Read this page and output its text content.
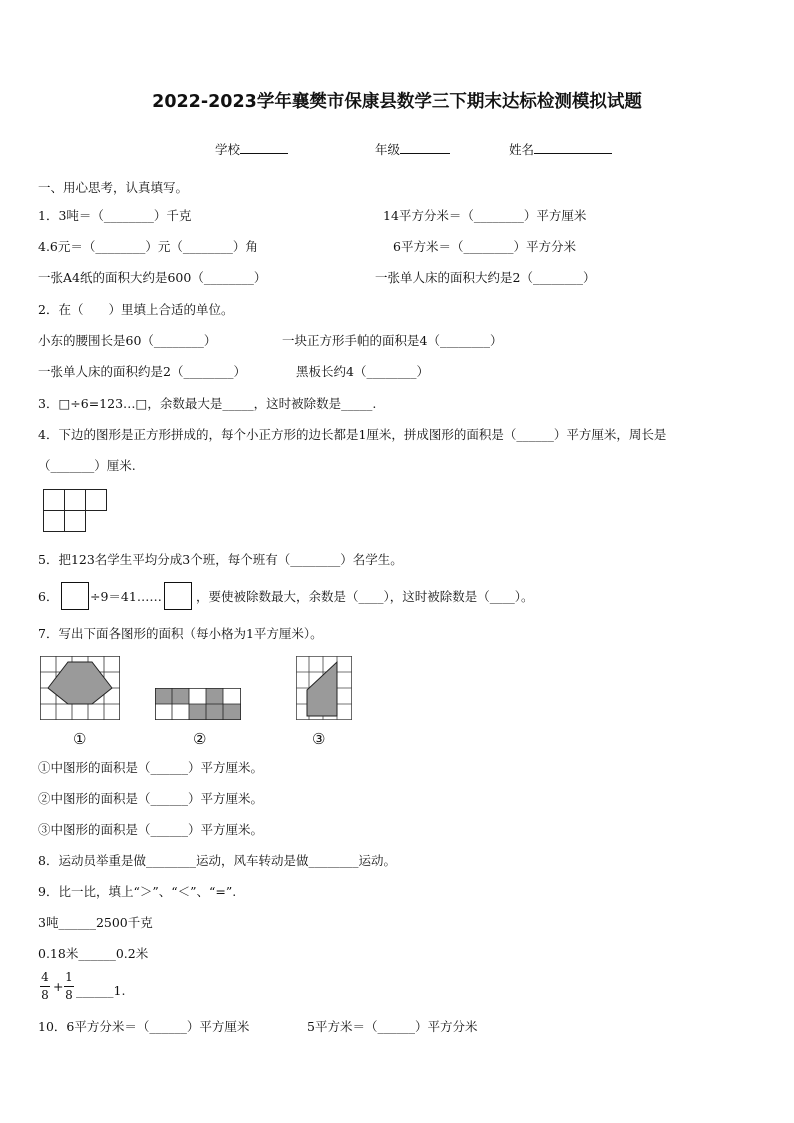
2022-2023学年襄樊市保康县数学三下期末达标检测模拟试题
学校	年级	姓名
一、用心思考，认真填写。
1．3吨＝（________）千克	14平方分米＝（________）平方厘米
4.6元＝（________）元（________）角	6平方米＝（________）平方分米
一张A4纸的面积大约是600（________）	一张单人床的面积大约是2（________）
2．在（　　）里填上合适的单位。
小东的腰围长是60（________）	一块正方形手帕的面积是4（________）
一张单人床的面积约是2（________）	黑板长约4（________）
3．□÷6=123…□，余数最大是_____，这时被除数是_____.
4．下边的图形是正方形拼成的，每个小正方形的边长都是1厘米，拼成图形的面积是（______）平方厘米，周长是
（_______）厘米.
5．把123名学生平均分成3个班，每个班有（________）名学生。
6．	÷9＝41……	，要使被除数最大，余数是（____），这时被除数是（____）。
7．写出下面各图形的面积（每小格为1平方厘米）。
①	②	③
①中图形的面积是（______）平方厘米。
②中图形的面积是（______）平方厘米。
③中图形的面积是（______）平方厘米。
8．运动员举重是做________运动，风车转动是做________运动。
9．比一比，填上“＞”、“＜”、“=”.
3吨______2500千克
0.18米______0.2米
4
8
+
1
8 ______1.
10．6平方分米＝（______）平方厘米	5平方米＝（______）平方分米
